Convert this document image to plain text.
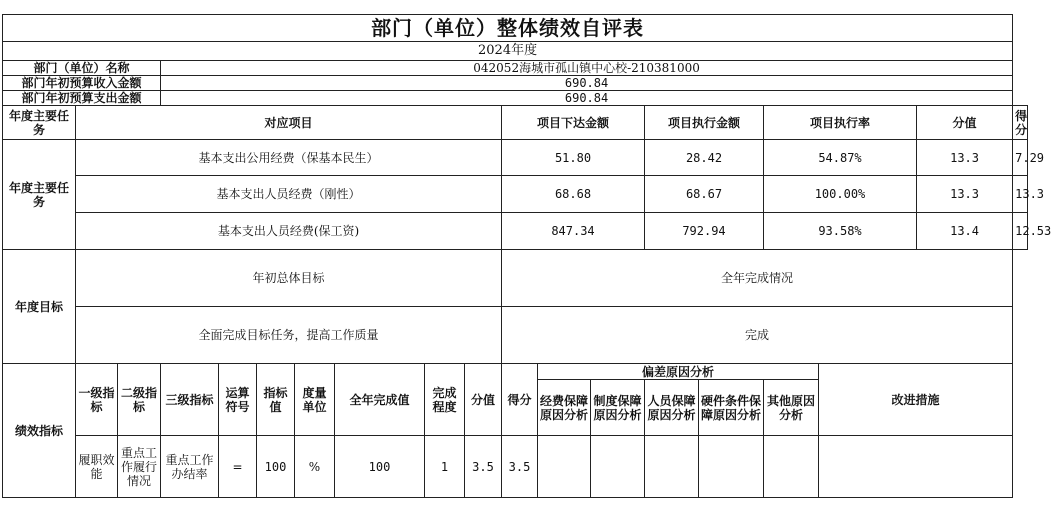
部门（单位）整体绩效自评表																		
2024年度																		
部门（单位）名称			042052海城市孤山镇中心校-210381000															
部门年初预算收入金额			690.84															
部门年初预算支出金额			690.84															
年度主要任务	对应项目									项目下达金额			项目执行金额		项目执行率		分值	得分
年度主要任务	基本支出公用经费（保基本民生）									51.80			28.42		54.87%		13.3	7.29
	基本支出人员经费（刚性）									68.68			68.67		100.00%		13.3	13.3
	基本支出人员经费(保工资)									847.34			792.94		93.58%		13.4	12.53
年度目标	年初总体目标									全年完成情况								
	全面完成目标任务，提高工作质量									完成								
绩效指标	一级指标	二级指标	三级指标	运算符号	指标值	度量单位	全年完成值	完成程度	分值	得分	偏差原因分析					改进措施		
											经费保障原因分析	制度保障原因分析	人员保障原因分析	硬件条件保障原因分析	其他原因分析			
	履职效能	重点工作履行情况	重点工作办结率	=	100	%	100	1	3.5	3.5								
